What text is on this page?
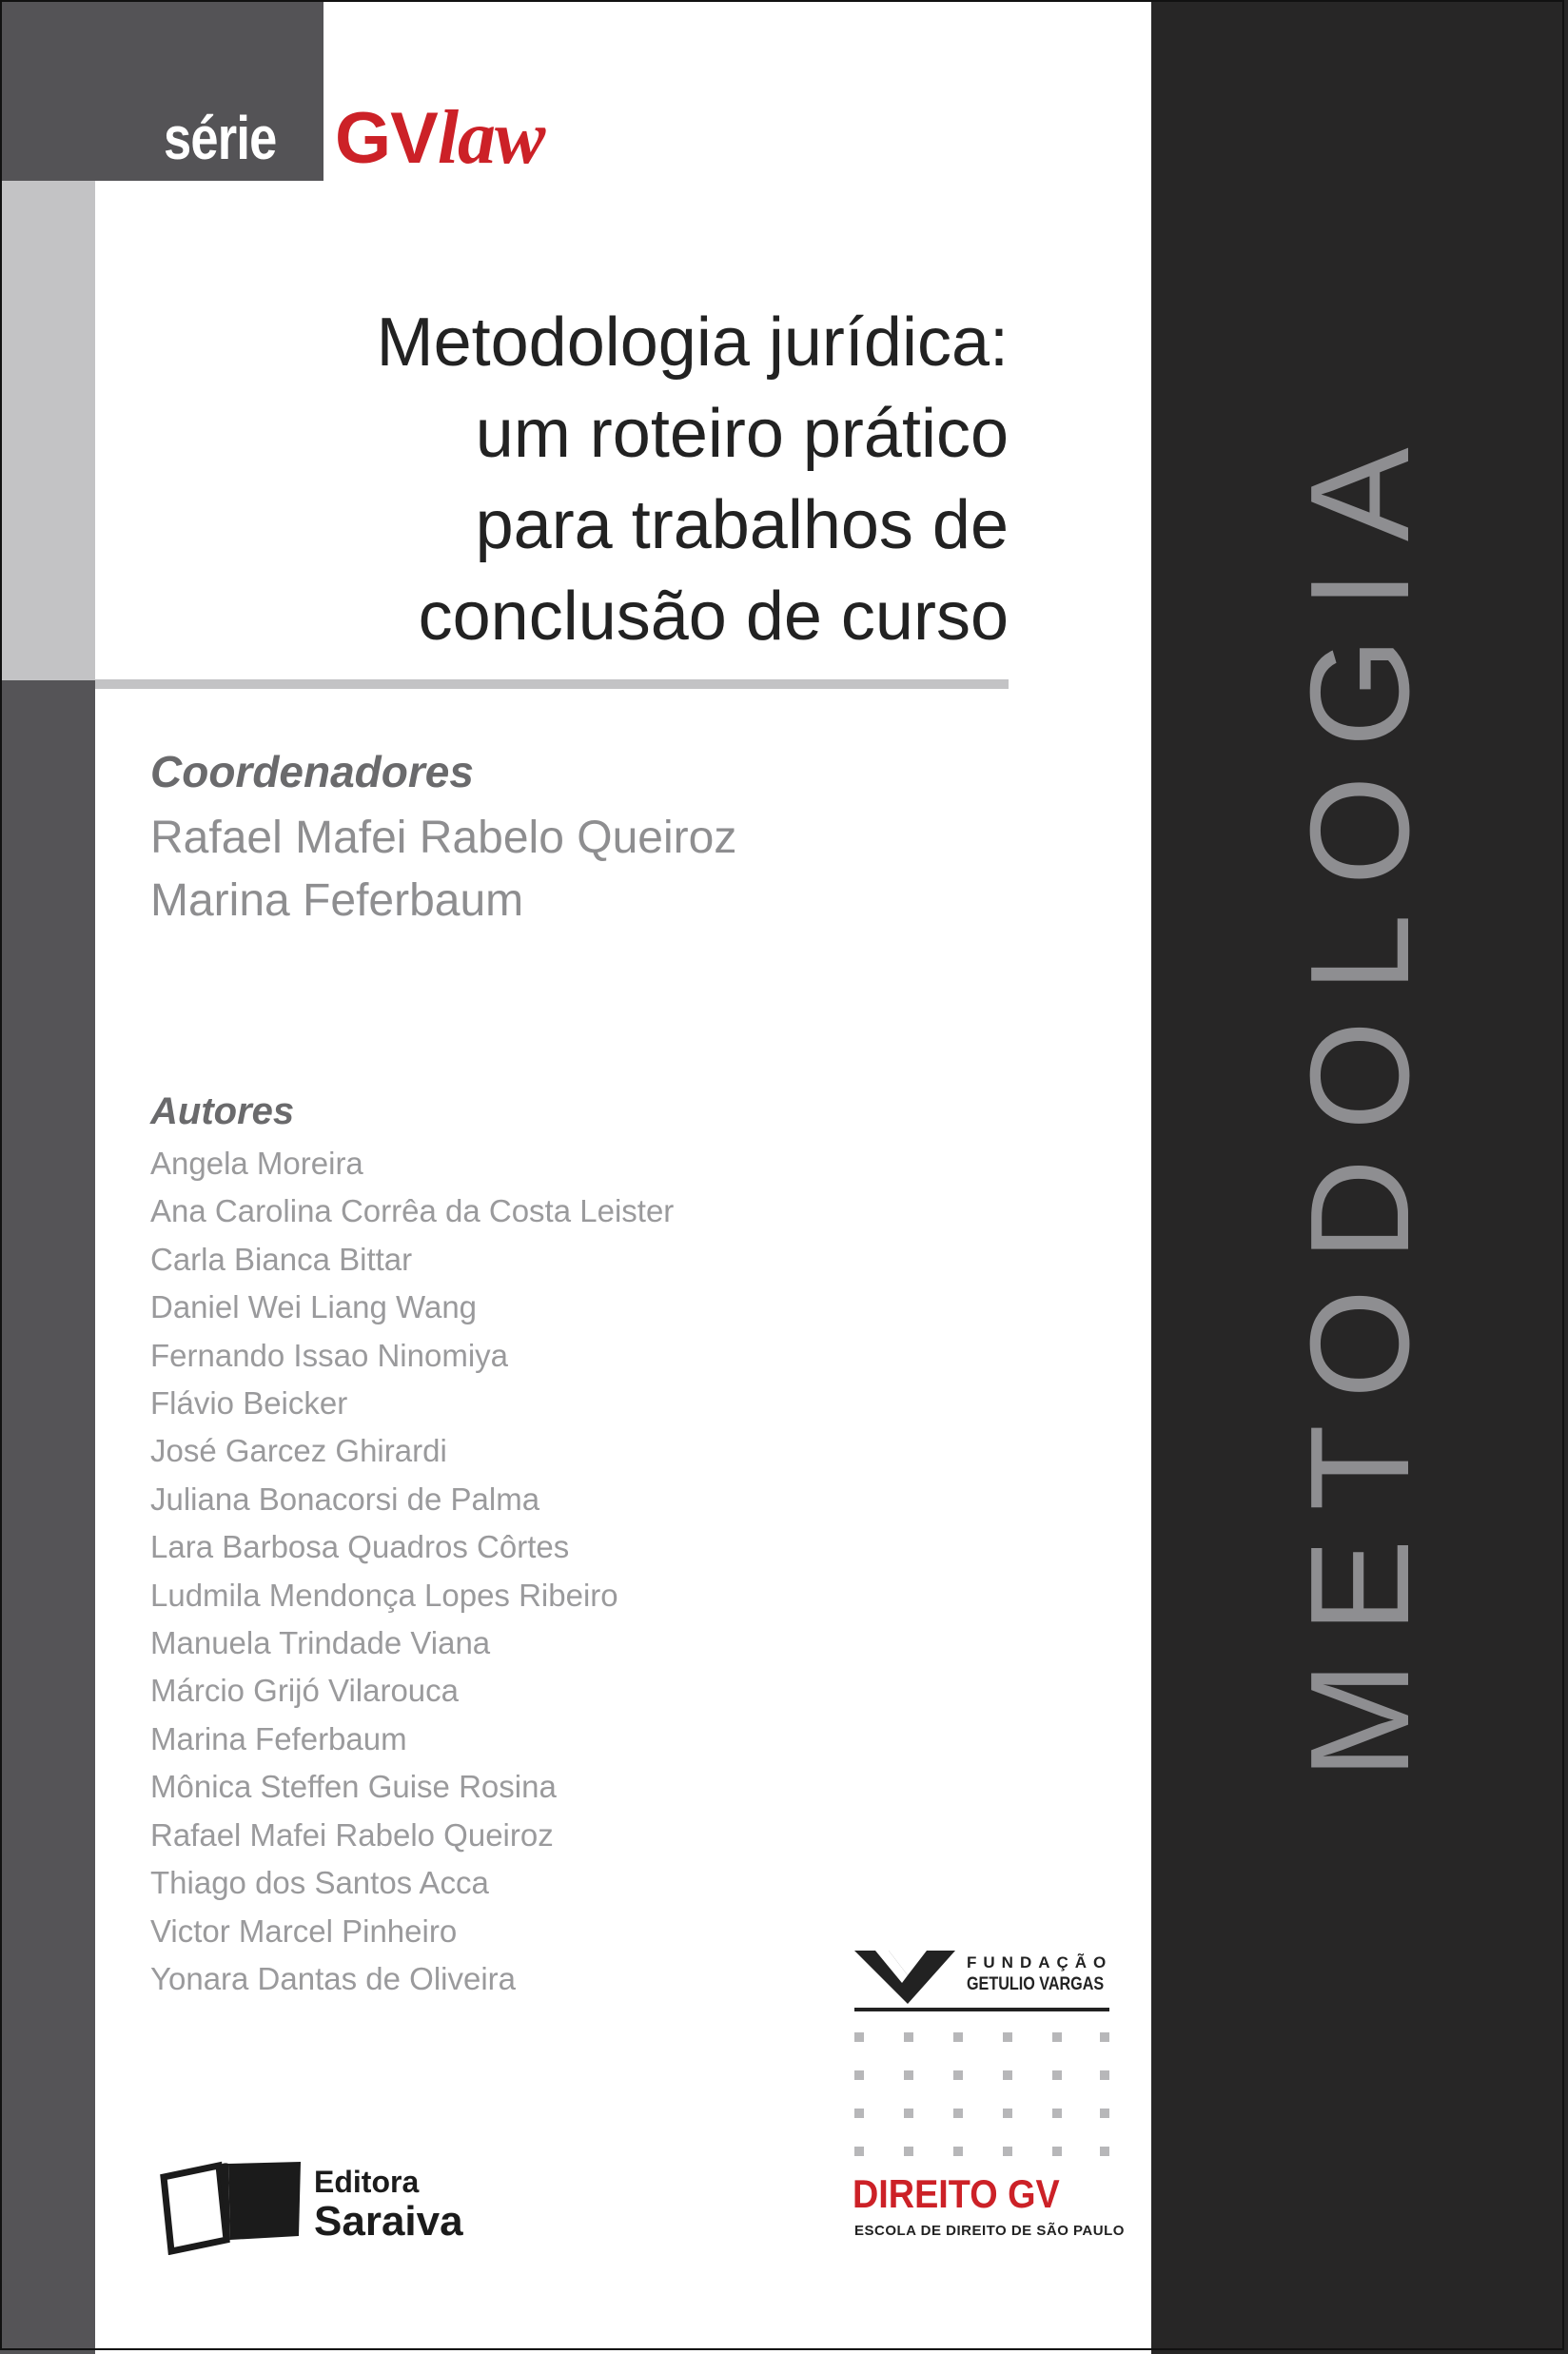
série GVlaw
METODOLOGIA
Metodologia jurídica:
um roteiro prático
para trabalhos de
conclusão de curso
Coordenadores
Rafael Mafei Rabelo Queiroz
Marina Feferbaum
Autores
Angela Moreira
Ana Carolina Corrêa da Costa Leister
Carla Bianca Bittar
Daniel Wei Liang Wang
Fernando Issao Ninomiya
Flávio Beicker
José Garcez Ghirardi
Juliana Bonacorsi de Palma
Lara Barbosa Quadros Côrtes
Ludmila Mendonça Lopes Ribeiro
Manuela Trindade Viana
Márcio Grijó Vilarouca
Marina Feferbaum
Mônica Steffen Guise Rosina
Rafael Mafei Rabelo Queiroz
Thiago dos Santos Acca
Victor Marcel Pinheiro
Yonara Dantas de Oliveira
Editora
Saraiva
FUNDAÇÃO
GETULIO VARGAS
DIREITO GV
ESCOLA DE DIREITO DE SÃO PAULO
